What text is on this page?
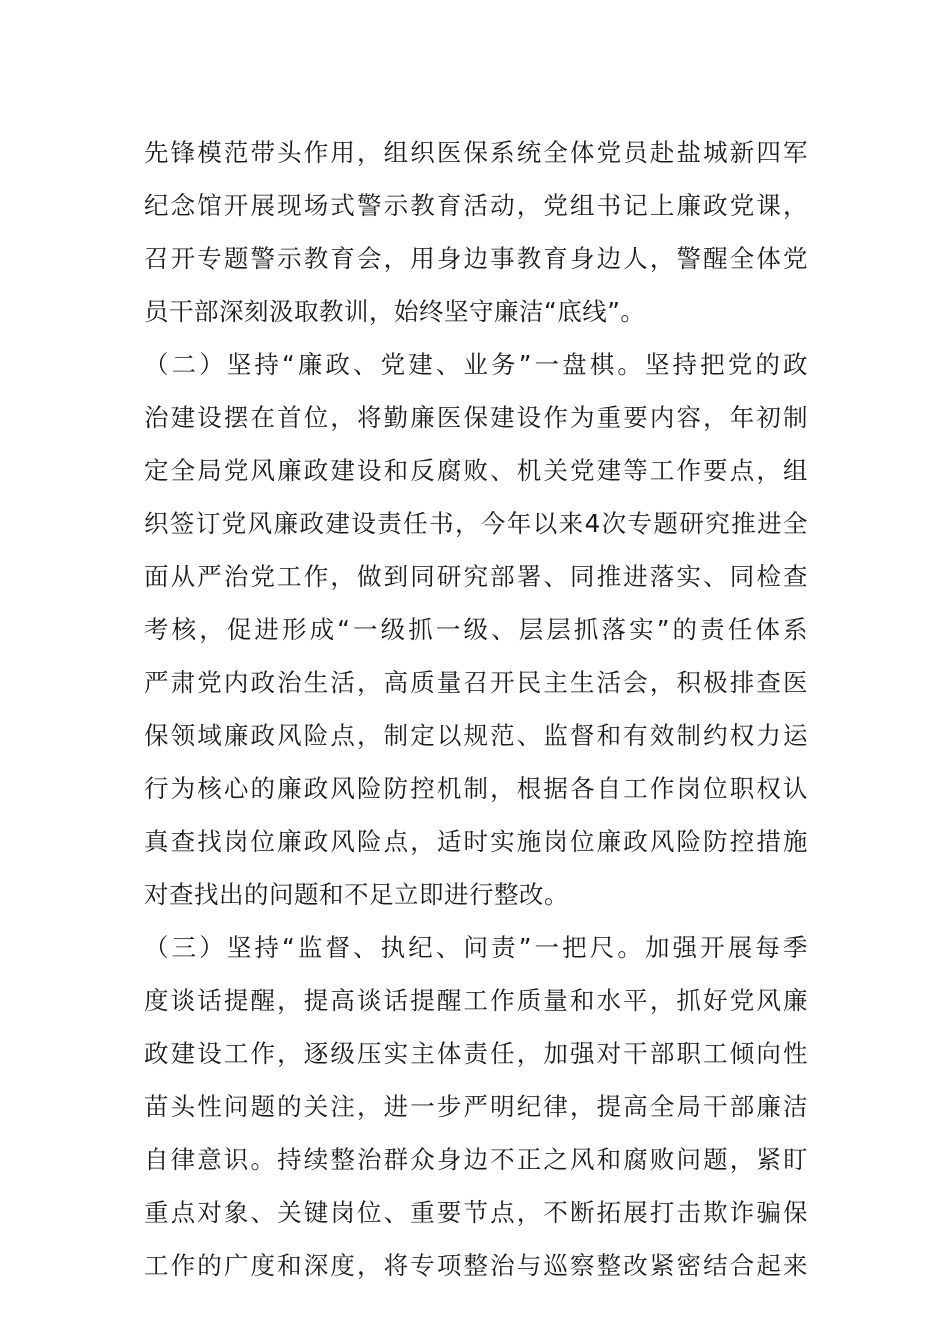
先锋模范带头作用，组织医保系统全体党员赴盐城新四军
纪念馆开展现场式警示教育活动，党组书记上廉政党课，
召开专题警示教育会，用身边事教育身边人，警醒全体党
员干部深刻汲取教训，始终坚守廉洁“底线”。
（二）坚持“廉政、党建、业务”一盘棋。坚持把党的政
治建设摆在首位，将勤廉医保建设作为重要内容，年初制
定全局党风廉政建设和反腐败、机关党建等工作要点，组
织签订党风廉政建设责任书，今年以来4次专题研究推进全
面从严治党工作，做到同研究部署、同推进落实、同检查
考核，促进形成“一级抓一级、层层抓落实”的责任体系
严肃党内政治生活，高质量召开民主生活会，积极排查医
保领域廉政风险点，制定以规范、监督和有效制约权力运
行为核心的廉政风险防控机制，根据各自工作岗位职权认
真查找岗位廉政风险点，适时实施岗位廉政风险防控措施
对查找出的问题和不足立即进行整改。
（三）坚持“监督、执纪、问责”一把尺。加强开展每季
度谈话提醒，提高谈话提醒工作质量和水平，抓好党风廉
政建设工作，逐级压实主体责任，加强对干部职工倾向性
苗头性问题的关注，进一步严明纪律，提高全局干部廉洁
自律意识。持续整治群众身边不正之风和腐败问题，紧盯
重点对象、关键岗位、重要节点，不断拓展打击欺诈骗保
工作的广度和深度，将专项整治与巡察整改紧密结合起来
